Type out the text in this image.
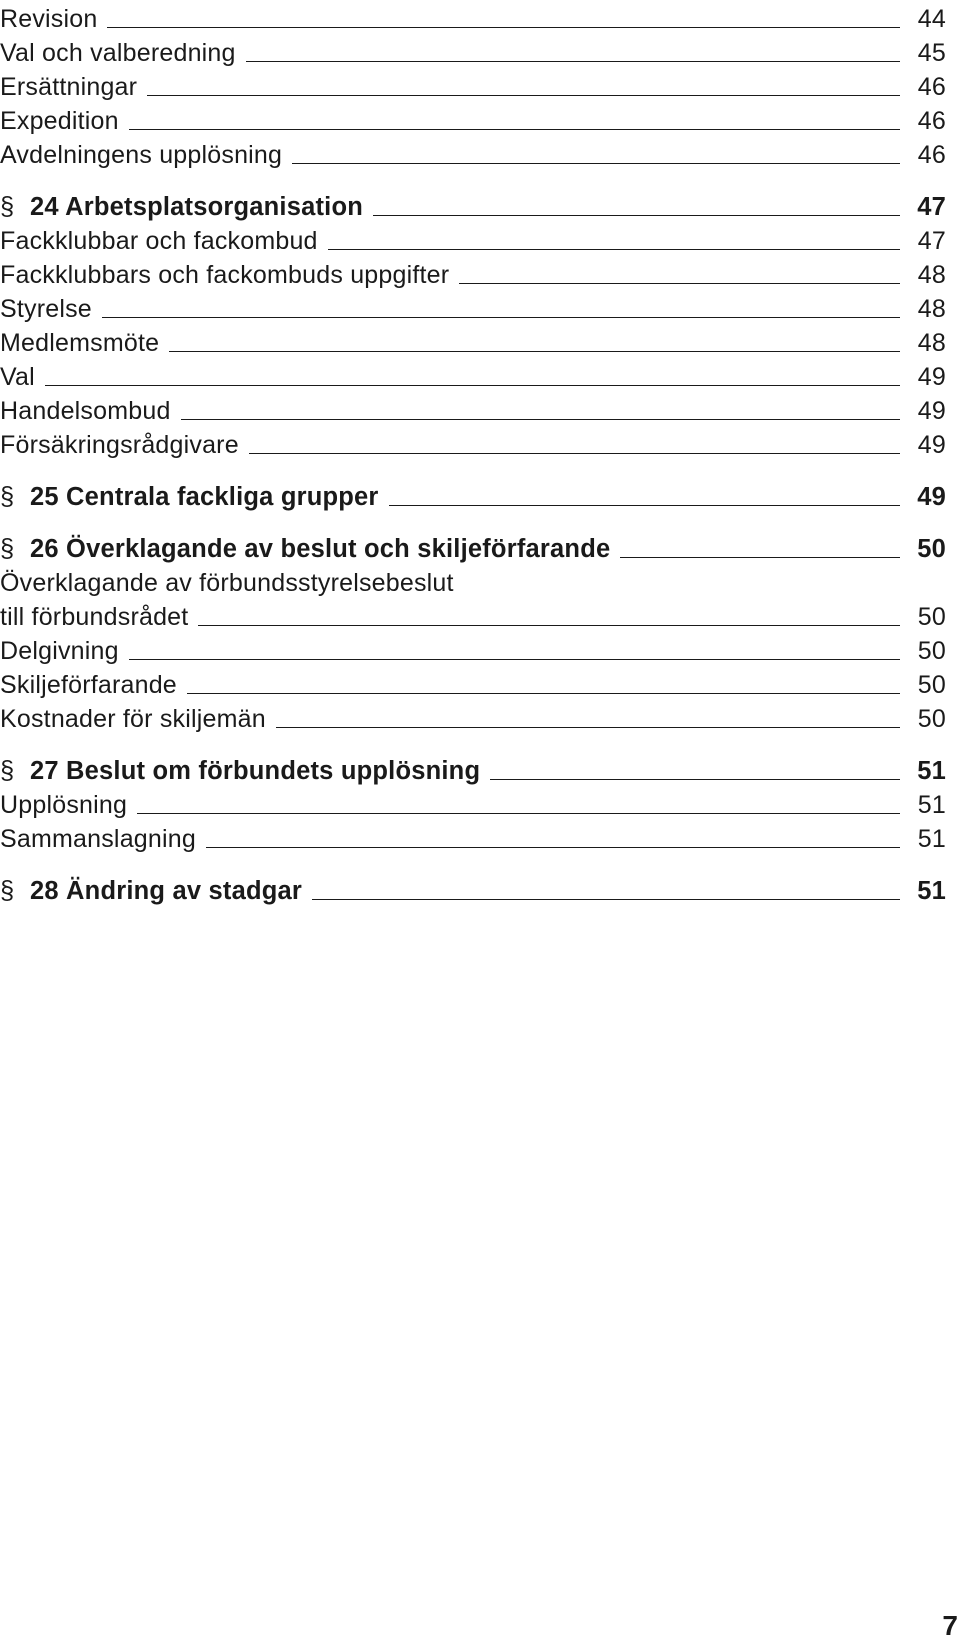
Revision	44
Val och valberedning	45
Ersättningar	46
Expedition	46
Avdelningens upplösning	46
§ 24 Arbetsplatsorganisation	47
Fackklubbar och fackombud	47
Fackklubbars och fackombuds uppgifter	48
Styrelse	48
Medlemsmöte	48
Val	49
Handelsombud	49
Försäkringsrådgivare	49
§ 25 Centrala fackliga grupper	49
§ 26 Överklagande av beslut och skiljeförfarande	50
Överklagande av förbundsstyrelsebeslut
till förbundsrådet	50
Delgivning	50
Skiljeförfarande	50
Kostnader för skiljemän	50
§ 27 Beslut om förbundets upplösning	51
Upplösning	51
Sammanslagning	51
§ 28 Ändring av stadgar	51
7
